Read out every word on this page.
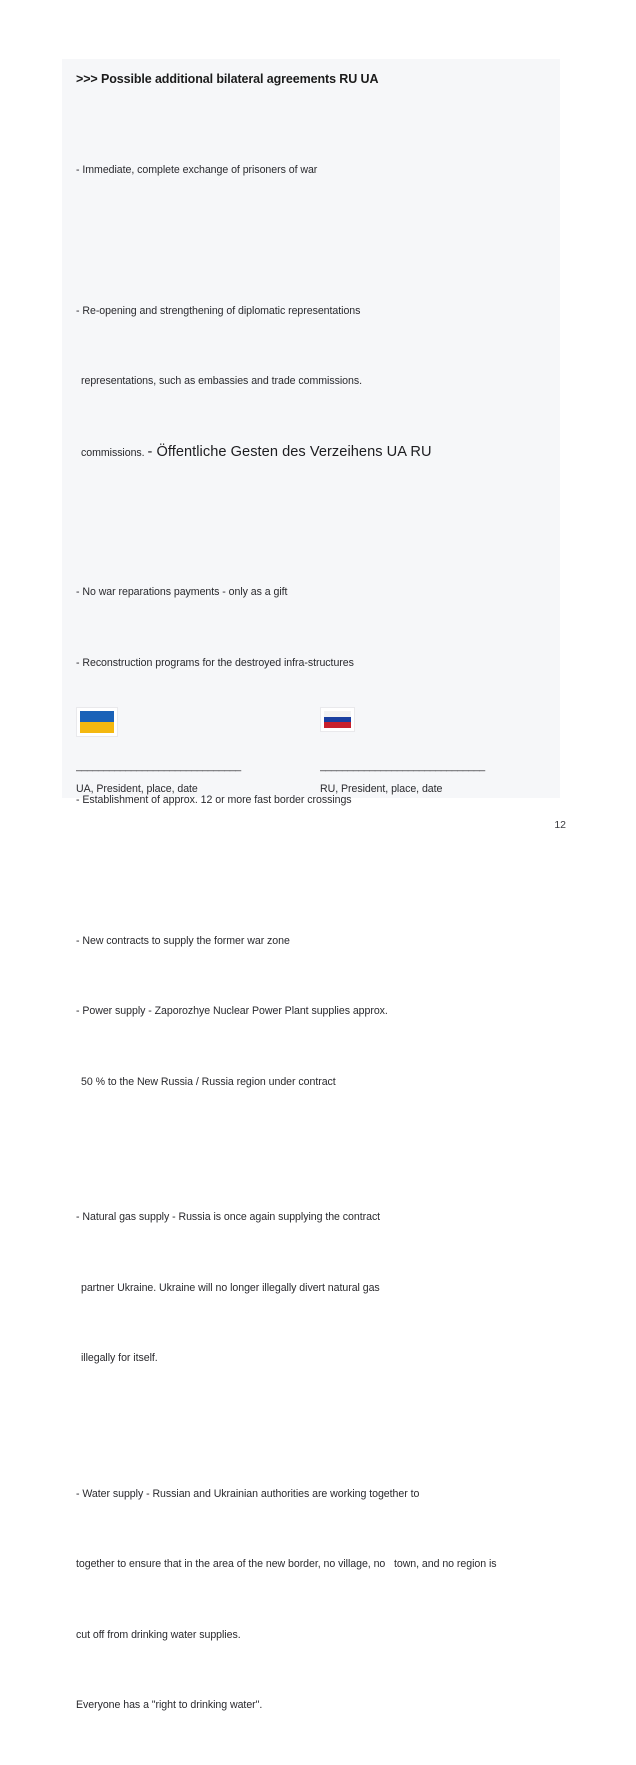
>>> Possible additional bilateral agreements RU UA

- Immediate, complete exchange of prisoners of war

- Re-opening and strengthening of diplomatic representations

representations, such as embassies and trade commissions.

commissions. - Öffentliche Gesten des Verzeihens UA RU

- No war reparations payments - only as a gift

- Reconstruction programs for the destroyed infra-structures

- Establishment of approx. 12 or more fast border crossings

- New contracts to supply the former war zone

- Power supply - Zaporozhye Nuclear Power Plant supplies approx.

50 % to the New Russia / Russia region under contract

- Natural gas supply - Russia is once again supplying the contract

partner Ukraine. Ukraine will no longer illegally divert natural gas

illegally for itself.

- Water supply - Russian and Ukrainian authorities are working together to

together to ensure that in the area of the new border, no village, no   town, and no region is

cut off from drinking water supplies.

Everyone has a "right to drinking water".

______________________________
UA, President, place, date
______________________________
RU, President, place, date
12
